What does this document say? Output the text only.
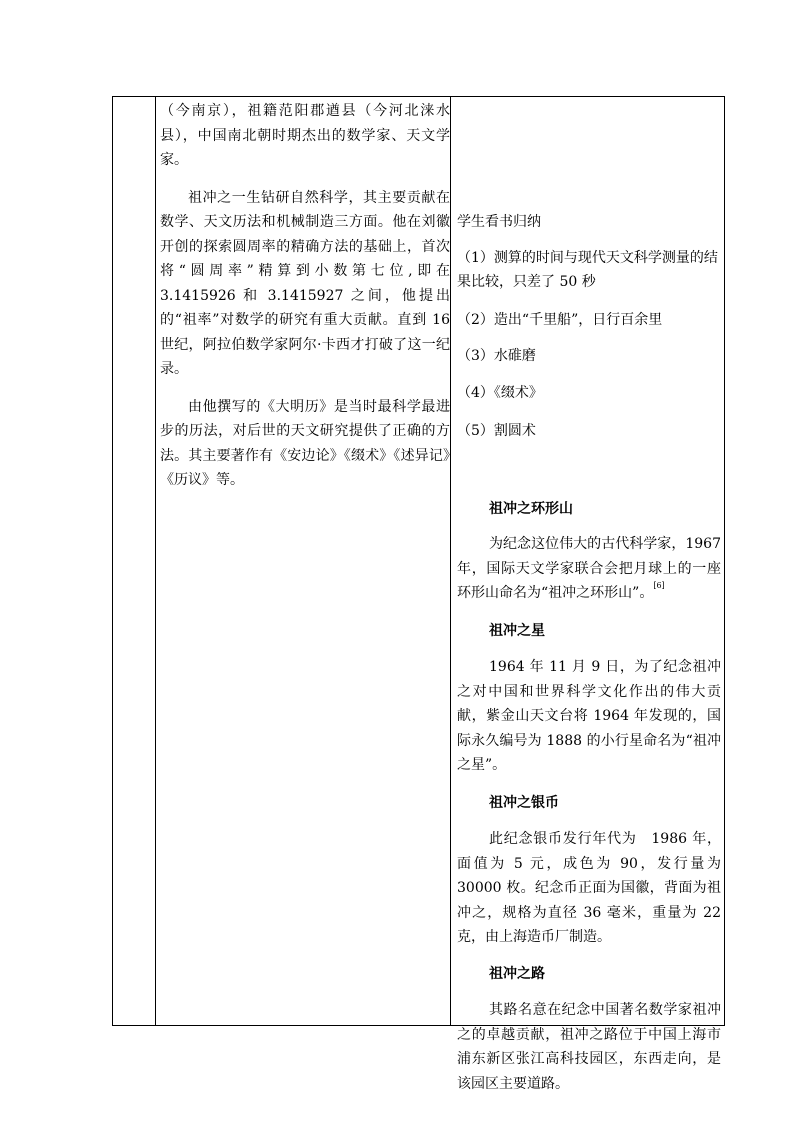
（今南京），祖籍范阳郡遒县（今河北涞水县），中国南北朝时期杰出的数学家、天文学家。

祖冲之一生钻研自然科学，其主要贡献在数学、天文历法和机械制造三方面。他在刘徽开创的探索圆周率的精确方法的基础上，首次将“圆周率”精算到小数第七位,即在 3.1415926 和 3.1415927 之间，他提出的“祖率”对数学的研究有重大贡献。直到 16 世纪，阿拉伯数学家阿尔·卡西才打破了这一纪录。

由他撰写的《大明历》是当时最科学最进步的历法，对后世的天文研究提供了正确的方法。其主要著作有《安边论》《缀术》《述异记》《历议》等。

学生看书归纳

（1）测算的时间与现代天文科学测量的结果比较，只差了 50 秒

（2）造出“千里船”，日行百余里

（3）水碓磨

（4）《缀术》

（5）割圆术

祖冲之环形山

为纪念这位伟大的古代科学家，1967 年，国际天文学家联合会把月球上的一座环形山命名为“祖冲之环形山”。[6]

祖冲之星

1964 年 11 月 9 日，为了纪念祖冲之对中国和世界科学文化作出的伟大贡献，紫金山天文台将 1964 年发现的，国际永久编号为 1888 的小行星命名为“祖冲之星”。

祖冲之银币

此纪念银币发行年代为　1986 年，面值为 5 元，成色为 90，发行量为 30000 枚。纪念币正面为国徽，背面为祖冲之，规格为直径 36 毫米，重量为 22 克，由上海造币厂制造。

祖冲之路

其路名意在纪念中国著名数学家祖冲之的卓越贡献，祖冲之路位于中国上海市浦东新区张江高科技园区，东西走向，是该园区主要道路。
